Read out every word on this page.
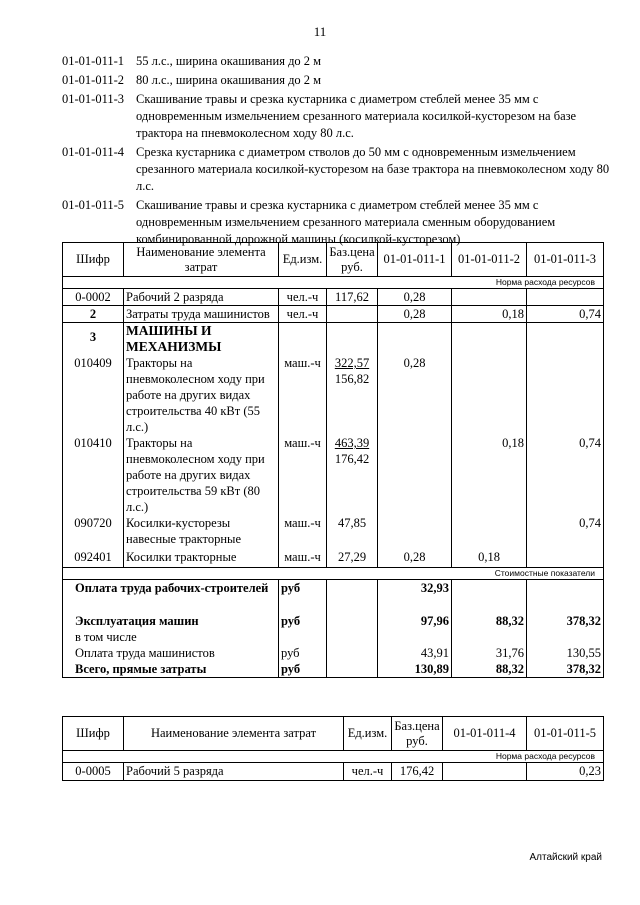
11
01-01-011-1 55 л.с., ширина окашивания до 2 м
01-01-011-2 80 л.с., ширина окашивания до 2 м
01-01-011-3 Скашивание травы и срезка кустарника с диаметром стеблей менее 35 мм с одновременным измельчением срезанного материала косилкой-кусторезом на базе трактора на пневмоколесном ходу 80 л.с.
01-01-011-4 Срезка кустарника с диаметром стволов до 50 мм с одновременным измельчением срезанного материала косилкой-кусторезом на базе трактора на пневмоколесном ходу 80 л.с.
01-01-011-5 Скашивание травы и срезка кустарника с диаметром стеблей менее 35 мм с одновременным измельчением срезанного материала сменным оборудованием комбинированной дорожной машины (косилкой-кусторезом)
Шифр	Наименование элемента затрат	Ед.изм.	Баз.цена руб.	01-01-011-1	01-01-011-2	01-01-011-3
Норма расхода ресурсов						
0-0002	Рабочий 2 разряда	чел.-ч	117,62	0,28		
2	Затраты труда машинистов	чел.-ч		0,28	0,18	0,74
3	МАШИНЫ И МЕХАНИЗМЫ					
010409	Тракторы на пневмоколесном ходу при работе на других видах строительства 40 кВт (55 л.с.)	маш.-ч	322,57
156,82	0,28		
010410	Тракторы на пневмоколесном ходу при работе на других видах строительства 59 кВт (80 л.с.)	маш.-ч	463,39
176,42		0,18	0,74
090720	Косилки-кусторезы навесные тракторные	маш.-ч	47,85			0,74
092401	Косилки тракторные	маш.-ч	27,29	0,28	0,18	
Стоимостные показатели						
Оплата труда рабочих-строителей		руб		32,93		
Эксплуатация машин		руб		97,96	88,32	378,32
в том числе						
Оплата труда машинистов		руб		43,91	31,76	130,55
Всего, прямые затраты		руб		130,89	88,32	378,32
Шифр	Наименование элемента затрат	Ед.изм.	Баз.цена руб.	01-01-011-4	01-01-011-5
Норма расхода ресурсов					
0-0005	Рабочий 5 разряда	чел.-ч	176,42		0,23
Алтайский край
